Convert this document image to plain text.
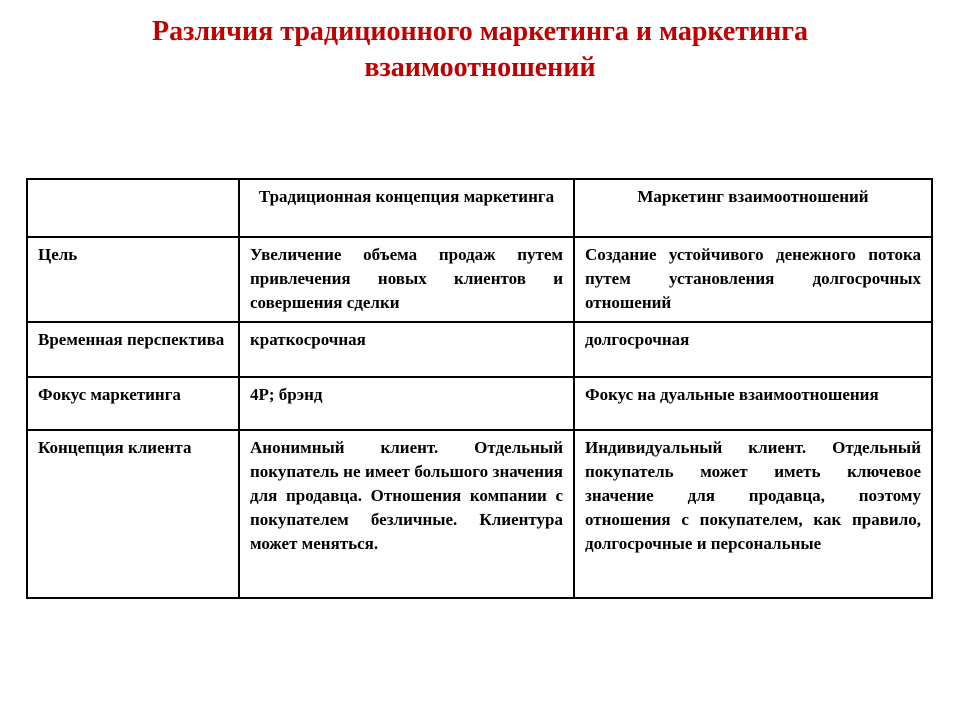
Различия традиционного маркетинга и маркетинга
взаимоотношений
	Традиционная концепция маркетинга	Маркетинг взаимоотношений
Цель	Увеличение объема продаж путем привлечения новых клиентов и совершения сделки	Создание устойчивого денежного потока путем установления долгосрочных отношений
Временная перспектива	краткосрочная	долгосрочная
Фокус маркетинга	4P; брэнд	Фокус на дуальные взаимоотношения
Концепция клиента	Анонимный клиент. Отдельный покупатель не имеет большого значения для продавца. Отношения компании с покупателем безличные. Клиентура может меняться.	Индивидуальный клиент. Отдельный покупатель может иметь ключевое значение для продавца, поэтому отношения с покупателем, как правило, долгосрочные и персональные
